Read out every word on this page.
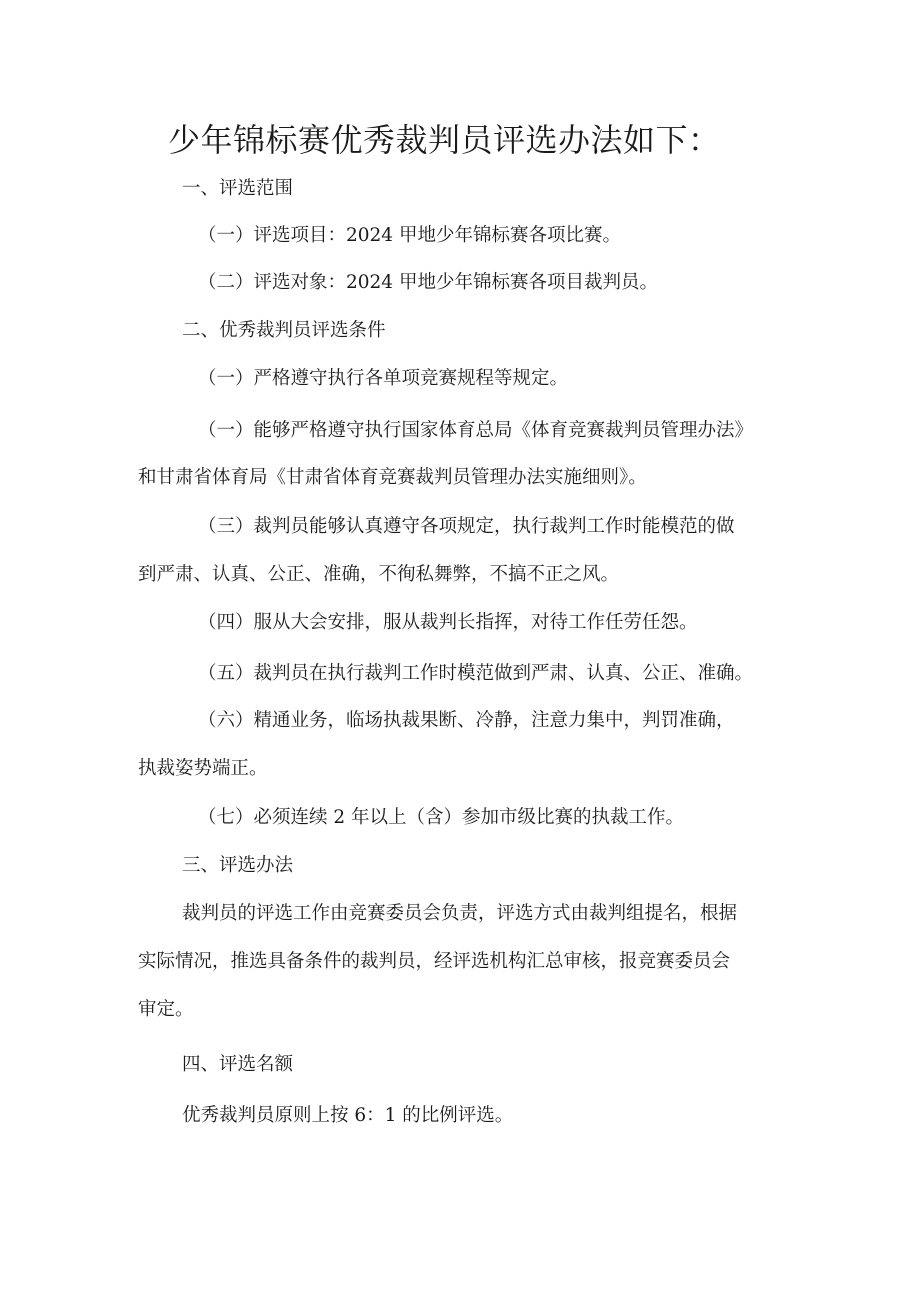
少年锦标赛优秀裁判员评选办法如下：
一、评选范围
（一）评选项目：2024 甲地少年锦标赛各项比赛。
（二）评选对象：2024 甲地少年锦标赛各项目裁判员。
二、优秀裁判员评选条件
（一）严格遵守执行各单项竞赛规程等规定。
（一）能够严格遵守执行国家体育总局《体育竞赛裁判员管理办法》
和甘肃省体育局《甘肃省体育竞赛裁判员管理办法实施细则》。
（三）裁判员能够认真遵守各项规定，执行裁判工作时能模范的做
到严肃、认真、公正、准确，不徇私舞弊，不搞不正之风。
（四）服从大会安排，服从裁判长指挥，对待工作任劳任怨。
（五）裁判员在执行裁判工作时模范做到严肃、认真、公正、准确。
（六）精通业务，临场执裁果断、冷静，注意力集中，判罚准确，
执裁姿势端正。
（七）必须连续 2 年以上（含）参加市级比赛的执裁工作。
三、评选办法
裁判员的评选工作由竞赛委员会负责，评选方式由裁判组提名，根据
实际情况，推选具备条件的裁判员，经评选机构汇总审核，报竞赛委员会
审定。
四、评选名额
优秀裁判员原则上按 6：1 的比例评选。
